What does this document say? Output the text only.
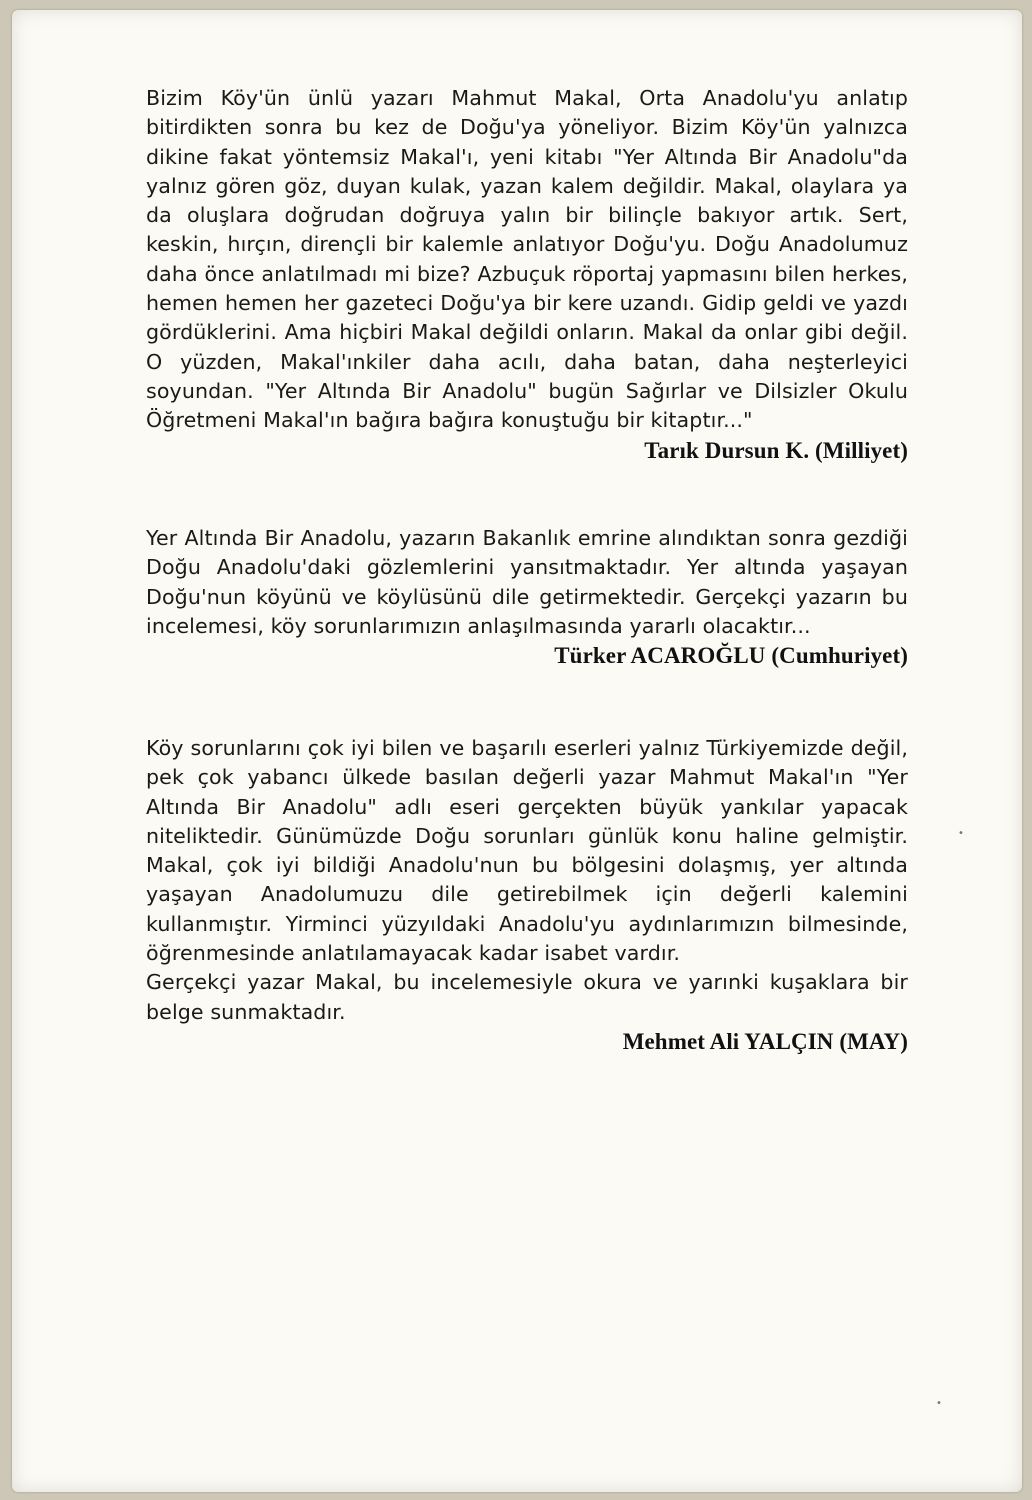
Bizim Köy'ün ünlü yazarı Mahmut Makal, Orta Anadolu'yu anlatıp bitirdikten sonra bu kez de Doğu'ya yöneliyor. Bizim Köy'ün yalnızca dikine fakat yöntemsiz Makal'ı, yeni kitabı "Yer Altında Bir Anadolu"da yalnız gören göz, duyan kulak, yazan kalem değildir. Makal, olaylara ya da oluşlara doğrudan doğruya yalın bir bilinçle bakıyor artık. Sert, keskin, hırçın, dirençli bir kalemle anlatıyor Doğu'yu. Doğu Anadolumuz daha önce anlatılmadı mi bize? Azbuçuk röportaj yapmasını bilen herkes, hemen hemen her gazeteci Doğu'ya bir kere uzandı. Gidip geldi ve yazdı gördüklerini. Ama hiçbiri Makal değildi onların. Makal da onlar gibi değil. O yüzden, Makal'ınkiler daha acılı, daha batan, daha neşterleyici soyundan. "Yer Altında Bir Anadolu" bugün Sağırlar ve Dilsizler Okulu Öğretmeni Makal'ın bağıra bağıra konuştuğu bir kitaptır..."

Tarık Dursun K. (Milliyet)

Yer Altında Bir Anadolu, yazarın Bakanlık emrine alındıktan sonra gezdiği Doğu Anadolu'daki gözlemlerini yansıtmaktadır. Yer altında yaşayan Doğu'nun köyünü ve köylüsünü dile getirmektedir. Gerçekçi yazarın bu incelemesi, köy sorunlarımızın anlaşılmasında yararlı olacaktır...

Türker ACAROĞLU (Cumhuriyet)

Köy sorunlarını çok iyi bilen ve başarılı eserleri yalnız Türkiyemizde değil, pek çok yabancı ülkede basılan değerli yazar Mahmut Makal'ın "Yer Altında Bir Anadolu" adlı eseri gerçekten büyük yankılar yapacak niteliktedir. Günümüzde Doğu sorunları günlük konu haline gelmiştir. Makal, çok iyi bildiği Anadolu'nun bu bölgesini dolaşmış, yer altında yaşayan Anadolumuzu dile getirebilmek için değerli kalemini kullanmıştır. Yirminci yüzyıldaki Anadolu'yu aydınlarımızın bilmesinde, öğrenmesinde anlatılamayacak kadar isabet vardır.

Gerçekçi yazar Makal, bu incelemesiyle okura ve yarınki kuşaklara bir belge sunmaktadır.

Mehmet Ali YALÇIN (MAY)

•
•
